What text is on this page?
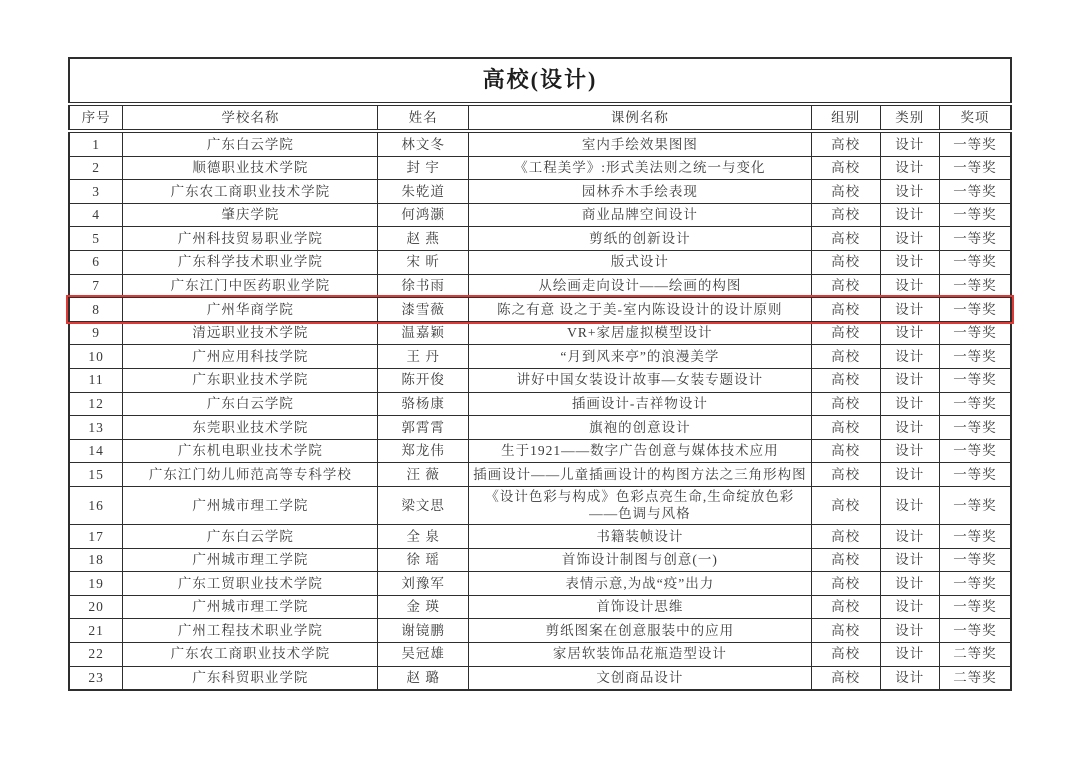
高校(设计)						
序号	学校名称	姓名	课例名称	组别	类别	奖项
1	广东白云学院	林文冬	室内手绘效果图图	高校	设计	一等奖
2	顺德职业技术学院	封 宇	《工程美学》:形式美法则之统一与变化	高校	设计	一等奖
3	广东农工商职业技术学院	朱乾道	园林乔木手绘表现	高校	设计	一等奖
4	肇庆学院	何鸿灏	商业品牌空间设计	高校	设计	一等奖
5	广州科技贸易职业学院	赵 燕	剪纸的创新设计	高校	设计	一等奖
6	广东科学技术职业学院	宋 昕	版式设计	高校	设计	一等奖
7	广东江门中医药职业学院	徐书雨	从绘画走向设计——绘画的构图	高校	设计	一等奖
8	广州华商学院	漆雪薇	陈之有意 设之于美-室内陈设设计的设计原则	高校	设计	一等奖
9	清远职业技术学院	温嘉颖	VR+家居虚拟模型设计	高校	设计	一等奖
10	广州应用科技学院	王 丹	“月到风来亭”的浪漫美学	高校	设计	一等奖
11	广东职业技术学院	陈开俊	讲好中国女装设计故事—女装专题设计	高校	设计	一等奖
12	广东白云学院	骆杨康	插画设计-吉祥物设计	高校	设计	一等奖
13	东莞职业技术学院	郭霄霄	旗袍的创意设计	高校	设计	一等奖
14	广东机电职业技术学院	郑龙伟	生于1921——数字广告创意与媒体技术应用	高校	设计	一等奖
15	广东江门幼儿师范高等专科学校	汪 薇	插画设计——儿童插画设计的构图方法之三角形构图	高校	设计	一等奖
16	广州城市理工学院	梁文思	《设计色彩与构成》色彩点亮生命,生命绽放色彩——色调与风格	高校	设计	一等奖
17	广东白云学院	全 泉	书籍装帧设计	高校	设计	一等奖
18	广州城市理工学院	徐 瑶	首饰设计制图与创意(一)	高校	设计	一等奖
19	广东工贸职业技术学院	刘豫军	表情示意,为战“疫”出力	高校	设计	一等奖
20	广州城市理工学院	金 瑛	首饰设计思维	高校	设计	一等奖
21	广州工程技术职业学院	谢镜鹏	剪纸图案在创意服装中的应用	高校	设计	一等奖
22	广东农工商职业技术学院	吴冠雄	家居软装饰品花瓶造型设计	高校	设计	二等奖
23	广东科贸职业学院	赵 璐	文创商品设计	高校	设计	二等奖
